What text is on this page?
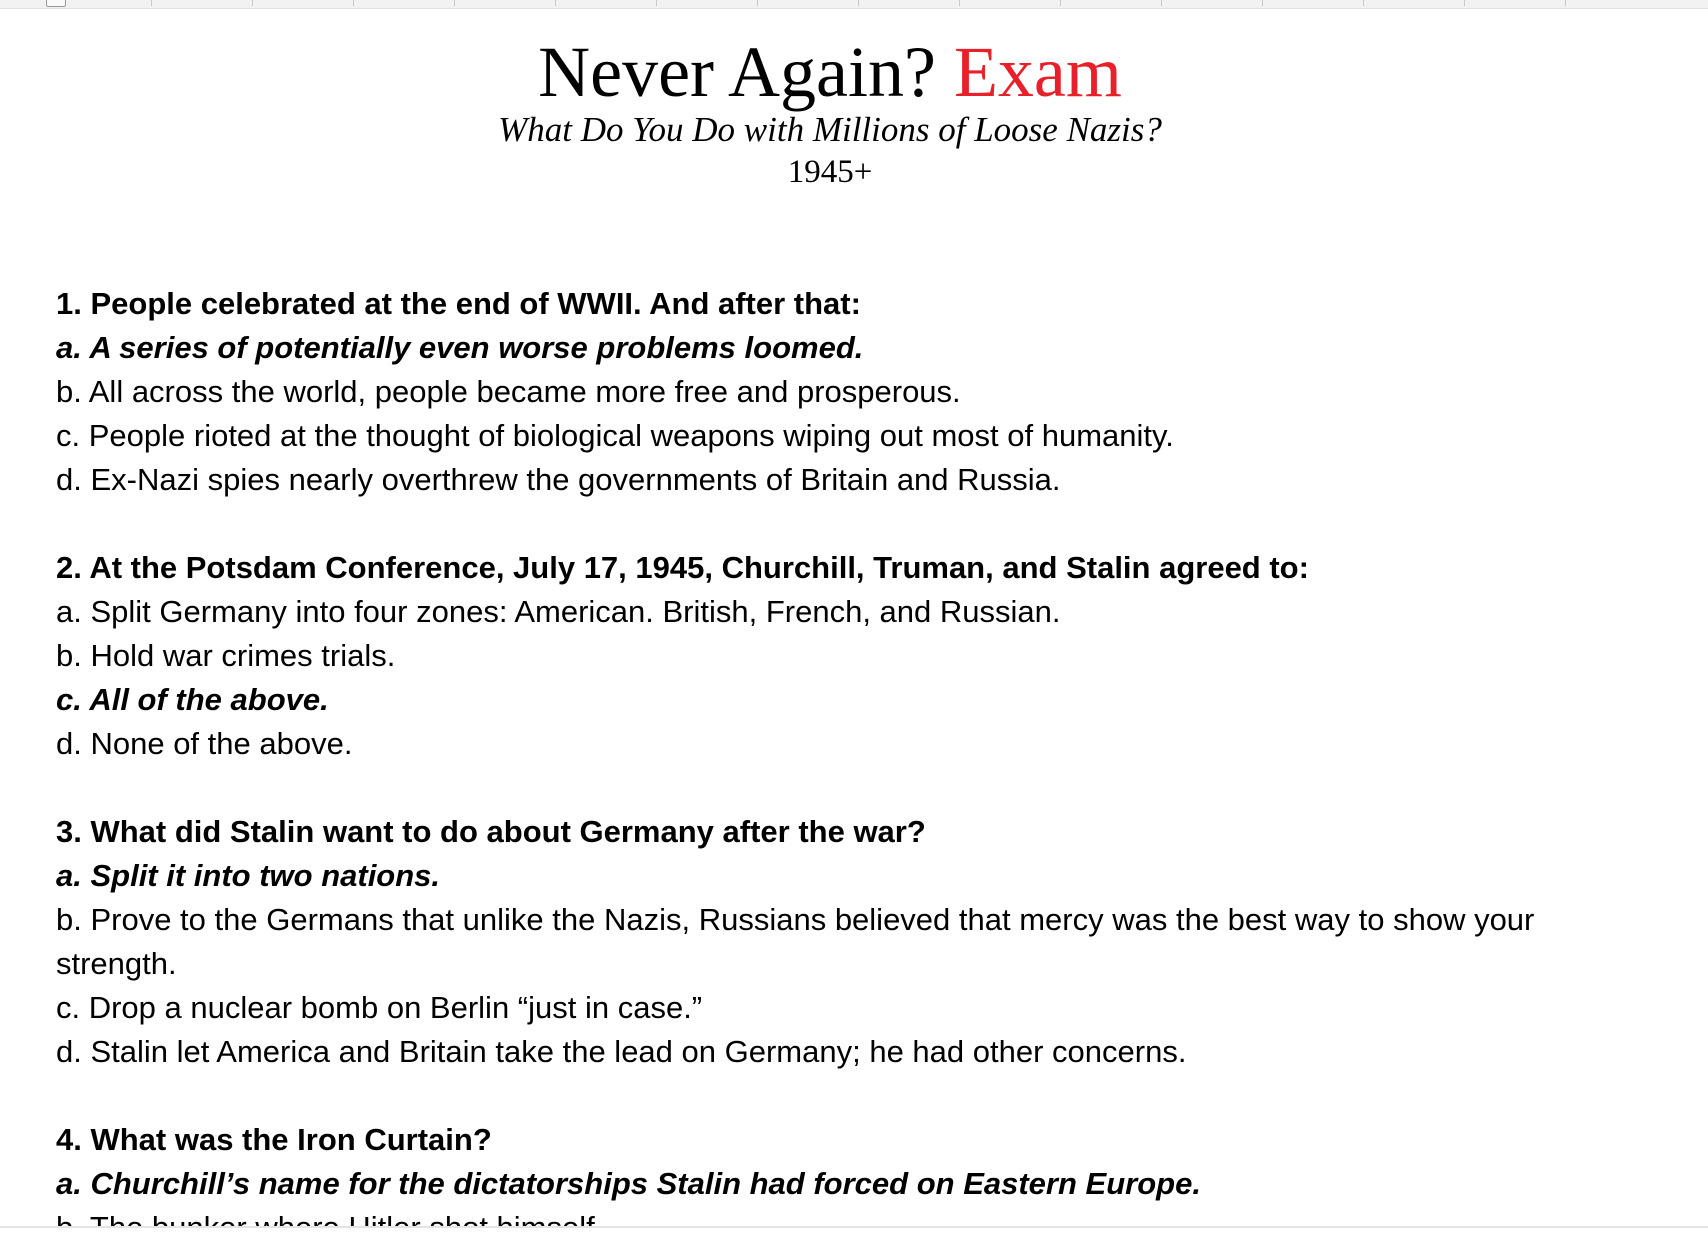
Never Again? Exam
What Do You Do with Millions of Loose Nazis?
1945+
1. People celebrated at the end of WWII. And after that:
a. A series of potentially even worse problems loomed.
b. All across the world, people became more free and prosperous.
c. People rioted at the thought of biological weapons wiping out most of humanity.
d. Ex-Nazi spies nearly overthrew the governments of Britain and Russia.
2. At the Potsdam Conference, July 17, 1945, Churchill, Truman, and Stalin agreed to:
a. Split Germany into four zones: American. British, French, and Russian.
b. Hold war crimes trials.
c. All of the above.
d. None of the above.
3. What did Stalin want to do about Germany after the war?
a. Split it into two nations.
b. Prove to the Germans that unlike the Nazis, Russians believed that mercy was the best way to show your strength.
c. Drop a nuclear bomb on Berlin “just in case.”
d. Stalin let America and Britain take the lead on Germany; he had other concerns.
4. What was the Iron Curtain?
a. Churchill’s name for the dictatorships Stalin had forced on Eastern Europe.
